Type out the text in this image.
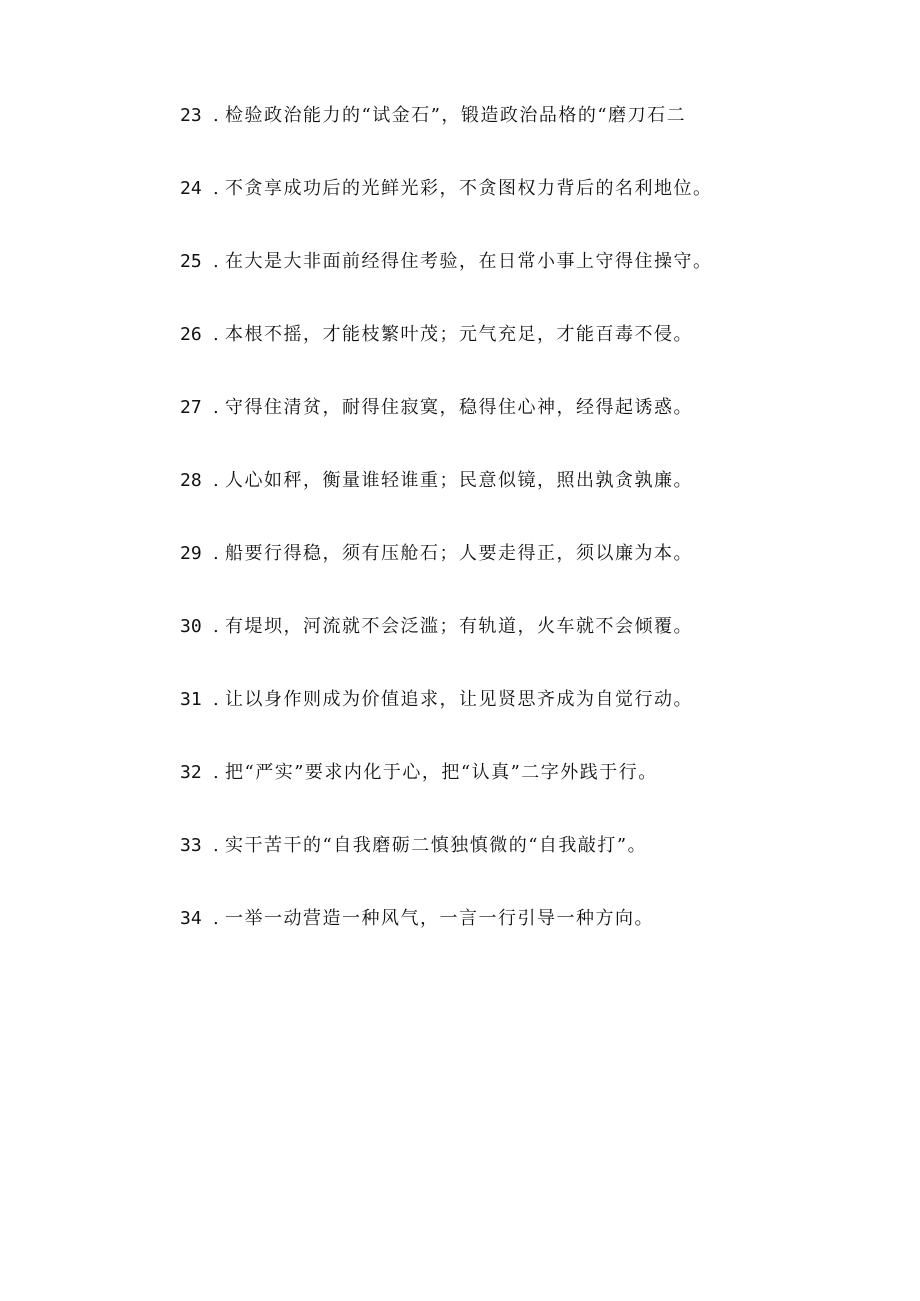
23 . 检验政治能力的“试金石”，锻造政治品格的“磨刀石二
24 . 不贪享成功后的光鲜光彩，不贪图权力背后的名利地位。
25 . 在大是大非面前经得住考验，在日常小事上守得住操守。
26 . 本根不摇，才能枝繁叶茂；元气充足，才能百毒不侵。
27 . 守得住清贫，耐得住寂寞，稳得住心神，经得起诱惑。
28 . 人心如秤，衡量谁轻谁重；民意似镜，照出孰贪孰廉。
29 . 船要行得稳，须有压舱石；人要走得正，须以廉为本。
30 . 有堤坝，河流就不会泛滥；有轨道，火车就不会倾覆。
31 . 让以身作则成为价值追求，让见贤思齐成为自觉行动。
32 . 把“严实”要求内化于心，把“认真”二字外践于行。
33 . 实干苦干的“自我磨砺二慎独慎微的“自我敲打”。
34 . 一举一动营造一种风气，一言一行引导一种方向。
